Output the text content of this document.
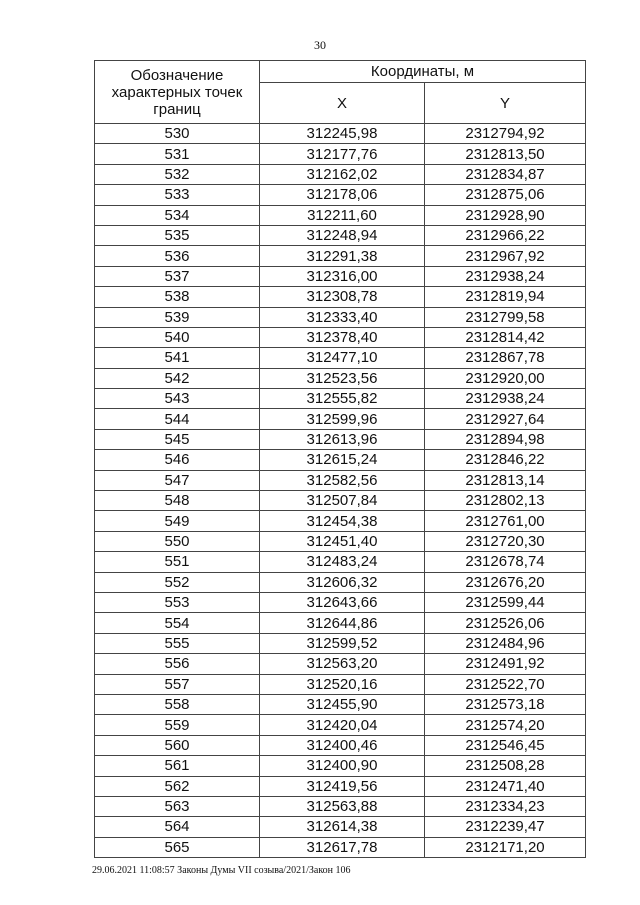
30
Обозначение характерных точек границ	Координаты, м	
	X	Y
530	312245,98	2312794,92
531	312177,76	2312813,50
532	312162,02	2312834,87
533	312178,06	2312875,06
534	312211,60	2312928,90
535	312248,94	2312966,22
536	312291,38	2312967,92
537	312316,00	2312938,24
538	312308,78	2312819,94
539	312333,40	2312799,58
540	312378,40	2312814,42
541	312477,10	2312867,78
542	312523,56	2312920,00
543	312555,82	2312938,24
544	312599,96	2312927,64
545	312613,96	2312894,98
546	312615,24	2312846,22
547	312582,56	2312813,14
548	312507,84	2312802,13
549	312454,38	2312761,00
550	312451,40	2312720,30
551	312483,24	2312678,74
552	312606,32	2312676,20
553	312643,66	2312599,44
554	312644,86	2312526,06
555	312599,52	2312484,96
556	312563,20	2312491,92
557	312520,16	2312522,70
558	312455,90	2312573,18
559	312420,04	2312574,20
560	312400,46	2312546,45
561	312400,90	2312508,28
562	312419,56	2312471,40
563	312563,88	2312334,23
564	312614,38	2312239,47
565	312617,78	2312171,20
29.06.2021 11:08:57 Законы Думы VII созыва/2021/Закон 106
